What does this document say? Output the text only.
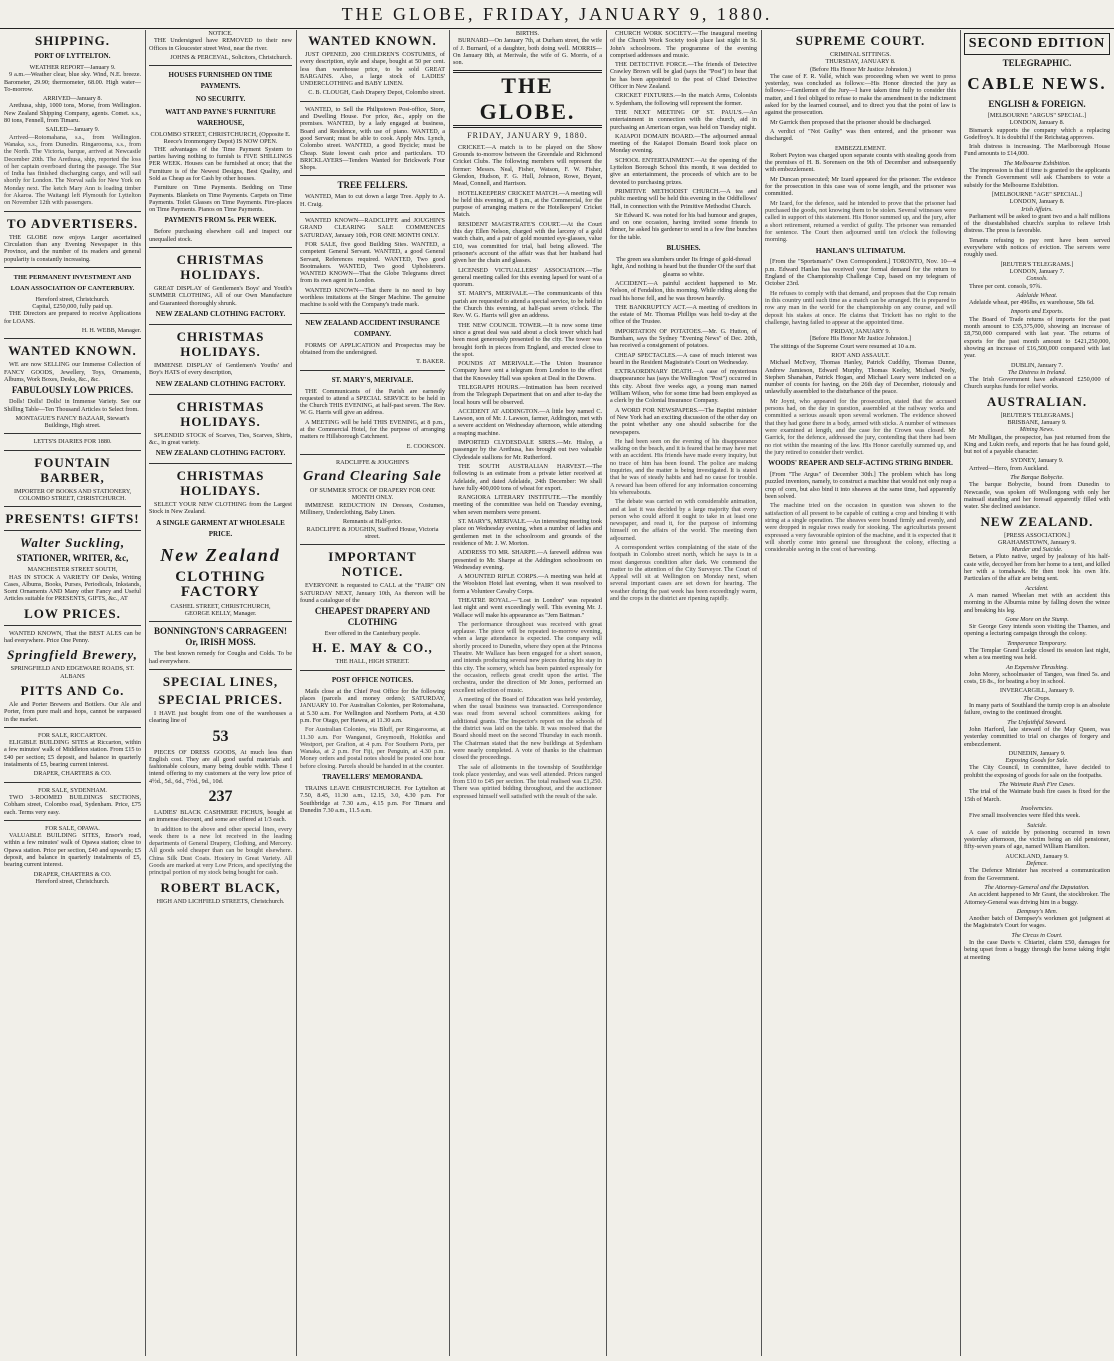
THE GLOBE, FRIDAY, JANUARY 9, 1880.
SHIPPING.
PORT OF LYTTELTON.
WEATHER REPORT—January 9.

9 a.m.—Weather clear, blue sky. Wind, N.E. breeze. Barometer, 29.90; thermometer, 68.00. High water—To-morrow.

ARRIVED—January 8.

Arethusa, ship, 1000 tons, Morse, from Wellington. New Zealand Shipping Company, agents. Comet. s.s., 80 tons, Fennell, from Timaru.

SAILED—January 9.

Arrived—Rotomahana, s.s., from Wellington. Wanaka, s.s., from Dunedin. Ringarooma, s.s., from the North. The Victoria, barque, arrived at Newcastle December 20th. The Arethusa, ship, reported the loss of her captain overboard during the passage. The Star of India has finished discharging cargo, and will sail shortly for London. The Norval sails for New York on Monday next. The ketch Mary Ann is loading timber for Akaroa. The Waitangi left Plymouth for Lyttelton on November 12th with passengers.

TO ADVERTISERS.

THE GLOBE now enjoys Larger ascertained Circulation than any Evening Newspaper in this Province, and the number of its readers and general popularity is constantly increasing.

THE PERMANENT INVESTMENT AND LOAN ASSOCIATION OF CANTERBURY.
Hereford street, Christchurch.
Capital, £250,000, fully paid up.

THE Directors are prepared to receive Applications for LOANS.

H. H. WEBB, Manager.
WANTED KNOWN.

WE are now SELLING our Immense Collection of FANCY GOODS, Jewellery, Toys, Ornaments, Albums, Work Boxes, Desks, &c., &c.

FABULOUSLY LOW PRICES.

Dolls! Dolls! Dolls! in Immense Variety. See our Shilling Table—Ten Thousand Articles to Select from.

MONTAGUE'S FANCY BAZAAR, Stewart's Buildings, High street.
LETTS'S DIARIES FOR 1880.
FOUNTAIN BARBER,
IMPORTER OF BOOKS AND STATIONERY, COLOMBO STREET, CHRISTCHURCH.
PRESENTS! GIFTS!
Walter Suckling,
STATIONER, WRITER, &c,
MANCHESTER STREET SOUTH,

HAS IN STOCK A VARIETY OF Desks, Writing Cases, Albums, Books, Purses, Periodicals, Inkstands, Scent Ornaments AND Many other Fancy and Useful Articles suitable for PRESENTS, GIFTS, &c., AT

LOW PRICES.

WANTED KNOWN, That the BEST ALES can be had everywhere. Price One Penny.

Springfield Brewery,
SPRINGFIELD AND EDGEWARE ROADS, ST. ALBANS
PITTS AND Co.

Ale and Porter Brewers and Bottlers. Our Ale and Porter, from pure malt and hops, cannot be surpassed in the market.

FOR SALE, RICCARTON.

ELIGIBLE BUILDING SITES at Riccarton, within a few minutes' walk of Middleton station. From £15 to £40 per section; £5 deposit, and balance in quarterly instalments of £5, bearing current interest.

DRAPER, CHARTERS & CO.
FOR SALE, SYDENHAM.

TWO 3-ROOMED BUILDINGS SECTIONS, Cobham street, Colombo road, Sydenham. Price, £75 each. Terms very easy.

FOR SALE, OPAWA.

VALUABLE BUILDING SITES, Ensor's road, within a few minutes' walk of Opawa station; close to Opawa station. Price per section, £40 and upwards; £5 deposit, and balance in quarterly instalments of £5, bearing current interest.

DRAPER, CHARTERS & CO.
Hereford street, Christchurch.
NOTICE.

THE Undersigned have REMOVED to their new Offices in Gloucester street West, near the river.

JOHNS & PERCEVAL, Solicitors, Christchurch.
HOUSES FURNISHED ON TIME PAYMENTS.
NO SECURITY.
WATT AND PAYNE'S FURNITURE WAREHOUSE,
COLOMBO STREET, CHRISTCHURCH, (Opposite E. Reece's Ironmongery Depot) IS NOW OPEN.

THE advantages of the Time Payment System to parties having nothing to furnish is FIVE SHILLINGS PER WEEK. Houses can be furnished at once; that the Furniture is of the Newest Designs, Best Quality, and Sold as Cheap as for Cash by other houses.

Furniture on Time Payments. Bedding on Time Payments. Blankets on Time Payments. Carpets on Time Payments. Toilet Glasses on Time Payments. Fire-places on Time Payments. Pianos on Time Payments.

PAYMENTS FROM 5s. PER WEEK.

Before purchasing elsewhere call and inspect our unequalled stock.

CHRISTMAS HOLIDAYS.

GREAT DISPLAY of Gentlemen's Boys' and Youth's SUMMER CLOTHING, All of our Own Manufacture and Guaranteed thoroughly shrunk.

NEW ZEALAND CLOTHING FACTORY.
CHRISTMAS HOLIDAYS.

IMMENSE DISPLAY of Gentlemen's Youths' and Boy's HATS of every description,

NEW ZEALAND CLOTHING FACTORY.
CHRISTMAS HOLIDAYS.

SPLENDID STOCK of Scarves, Ties, Scarves, Shirts, &c., in great variety.

NEW ZEALAND CLOTHING FACTORY.
CHRISTMAS HOLIDAYS.

SELECT YOUR NEW CLOTHING from the Largest Stock in New Zealand.

A SINGLE GARMENT AT WHOLESALE PRICE.
New Zealand
CLOTHING FACTORY
CASHEL STREET, CHRISTCHURCH,
GEORGE KELLY, Manager.
BONNINGTON'S CARRAGEEN! Or, IRISH MOSS.

The best known remedy for Coughs and Colds. To be had everywhere.

SPECIAL LINES,
SPECIAL PRICES.

I HAVE just bought from one of the warehouses a clearing line of

53

PIECES OF DRESS GOODS, At much less than English cost. They are all good useful materials and fashionable colours, many being double width. These I intend offering to my customers at the very low price of 4½d., 5d., 6d., 7½d., 9d., 10d.

237

LADIES' BLACK CASHMERE FICHUS, bought at an immense discount, and some are offered at 1/3 each.

In addition to the above and other special lines, every week there is a new lot received in the leading departments of General Drapery, Clothing, and Mercery. All goods sold cheaper than can be bought elsewhere. China Silk Dust Coats. Hosiery in Great Variety. All Goods are marked at very Low Prices, and specifying the principal portion of my stock being bought for cash.

ROBERT BLACK,
HIGH AND LICHFIELD STREETS, Christchurch.
WANTED KNOWN.

JUST OPENED, 200 CHILDREN'S COSTUMES, of every description, style and shape, bought at 50 per cent. less than warehouse price, to be sold GREAT BARGAINS. Also, a large stock of LADIES' UNDERCLOTHING and BABY LINEN.

C. B. CLOUGH, Cash Drapery Depot, Colombo street.

WANTED, to Sell the Philipstown Post-office, Store, and Dwelling House. For price, &c., apply on the premises. WANTED, by a lady engaged at business, Board and Residence, with use of piano. WANTED, a good Servant; must be able to cook. Apply Mrs. Lynch, Colombo street. WANTED, a good Bycicle; must be Cheap. State lowest cash price and particulars. TO BRICKLAYERS—Tenders Wanted for Brickwork Four Shops.

TREE FELLERS.

WANTED, Man to cut down a large Tree. Apply to A. H. Craig.

WANTED KNOWN—RADCLIFFE and JOUGHIN'S GRAND CLEARING SALE COMMENCES SATURDAY, January 10th, FOR ONE MONTH ONLY.

FOR SALE, five good Building Sites. WANTED, a competent General Servant. WANTED, a good General Servant, References required. WANTED, Two good Bootmakers. WANTED, Two good Upholsterers. WANTED KNOWN—That the Globe Telegrams direct from its own agent in London.

WANTED KNOWN—That there is no need to buy worthless imitations at the Singer Machine. The genuine machine is sold with the Company's trade mark.

NEW ZEALAND ACCIDENT INSURANCE COMPANY.

FORMS OF APPLICATION and Prospectus may be obtained from the undersigned.

T. BAKER.
ST. MARY'S, MERIVALE.

THE Communicants of the Parish are earnestly requested to attend a SPECIAL SERVICE to be held in the Church THIS EVENING, at half-past seven. The Rev. W. G. Harris will give an address.

A MEETING will be held THIS EVENING, at 8 p.m., at the Commercial Hotel, for the purpose of arranging matters re Hillsborough Catchment.

E. COOKSON.
RADCLIFFE & JOUGHIN'S
Grand Clearing Sale
OF SUMMER STOCK OF DRAPERY FOR ONE MONTH ONLY.

IMMENSE REDUCTION IN Dresses, Costumes, Millinery, Underclothing, Baby Linen.

Remnants at Half-price.
RADCLIFFE & JOUGHIN, Stafford House, Victoria street.
IMPORTANT NOTICE.

EVERYONE is requested to CALL at the "FAIR" ON SATURDAY NEXT, January 10th, As thereon will be found a catalogue of the

CHEAPEST DRAPERY AND CLOTHING
Ever offered in the Canterbury people.
H. E. MAY & CO.,
THE HALL, HIGH STREET.
POST OFFICE NOTICES.

Mails close at the Chief Post Office for the following places (parcels and money orders); SATURDAY, JANUARY 10. For Australian Colonies, per Rotomahana, at 5.30 a.m. For Wellington and Northern Ports, at 4.30 p.m. For Otago, per Hawea, at 11.30 a.m.

For Australian Colonies, via Bluff, per Ringarooma, at 11.30 a.m. For Wanganui, Greymouth, Hokitika and Westport, per Grafton, at 4 p.m. For Southern Ports, per Wanaka, at 2 p.m. For Fiji, per Penguin, at 4.30 p.m. Money orders and postal notes should be posted one hour before closing. Parcels should be handed in at the counter.

TRAVELLERS' MEMORANDA.

TRAINS LEAVE CHRISTCHURCH. For Lyttelton at 7.50, 8.45, 11.30 a.m., 12.15, 3.0, 4.30 p.m. For Southbridge at 7.30 a.m., 4.15 p.m. For Timaru and Dunedin 7.30 a.m., 11.5 a.m.

BIRTHS.

BURNARD—On January 7th, at Durham street, the wife of J. Burnard, of a daughter, both doing well. MORRIS—On January 8th, at Merivale, the wife of G. Morris, of a son.

THE GLOBE.
FRIDAY, JANUARY 9, 1880.

CRICKET.—A match is to be played on the Show Grounds to-morrow between the Greendale and Richmond Cricket Clubs. The following members will represent the former: Messrs. Neal, Fisher, Watson, F. W. Fisher, Glendon, Hudson, F. G. Hull, Johnson, Rowe, Bryant, Mead, Connell, and Harrison.

HOTELKEEPERS' CRICKET MATCH.—A meeting will be held this evening, at 8 p.m., at the Commercial, for the purpose of arranging matters re the Hotelkeepers' Cricket Match.

RESIDENT MAGISTRATE'S COURT.—At the Court this day Ellen Nelson, charged with the larceny of a gold watch chain, and a pair of gold mounted eye-glasses, value £10, was committed for trial, bail being allowed. The prisoner's account of the affair was that her husband had given her the chain and glasses.

LICENSED VICTUALLERS' ASSOCIATION.—The general meeting called for this evening lapsed for want of a quorum.

ST. MARY'S, MERIVALE.—The communicants of this parish are requested to attend a special service, to be held in the Church this evening, at half-past seven o'clock. The Rev. W. G. Harris will give an address.

THE NEW COUNCIL TOWER.—It is now some time since a great deal was said about a clock tower which had been most generously presented to the city. The tower was brought forth in pieces from England, and erected close to the spot.

POUNDS AT MERIVALE.—The Union Insurance Company have sent a telegram from London to the effect that the Knowsley Hall was spoken at Deal in the Downs.

TELEGRAPH HOURS.—Intimation has been received from the Telegraph Department that on and after to-day the local hours will be observed.

ACCIDENT AT ADDINGTON.—A little boy named C. Lawson, son of Mr. J. Lawson, farmer, Addington, met with a severe accident on Wednesday afternoon, while attending a reaping machine.

IMPORTED CLYDESDALE SIRES.—Mr. Hislop, a passenger by the Arethusa, has brought out two valuable Clydesdale stallions for Mr. Rutherford.

THE SOUTH AUSTRALIAN HARVEST.—The following is an estimate from a private letter received at Adelaide, and dated Adelaide, 24th December: We shall have fully 400,000 tons of wheat for export.

RANGIORA LITERARY INSTITUTE.—The monthly meeting of the committee was held on Tuesday evening, when seven members were present.

ST. MARY'S, MERIVALE.—An interesting meeting took place on Wednesday evening, when a number of ladies and gentlemen met in the schoolroom and grounds of the residence of Mr. J. W. Morton.

ADDRESS TO MR. SHARPE.—A farewell address was presented to Mr. Sharpe at the Addington schoolroom on Wednesday evening.

A MOUNTED RIFLE CORPS.—A meeting was held at the Woolston Hotel last evening, when it was resolved to form a Volunteer Cavalry Corps.

THEATRE ROYAL.—"Lost in London" was repeated last night and went exceedingly well. This evening Mr. J. Wallace will make his appearance as "Jem Baitman."

The performance throughout was received with great applause. The piece will be repeated to-morrow evening, when a large attendance is expected. The company will shortly proceed to Dunedin, where they open at the Princess Theatre. Mr Wallace has been engaged for a short season, and intends producing several new pieces during his stay in this city. The scenery, which has been painted expressly for the occasion, reflects great credit upon the artist. The orchestra, under the direction of Mr Jones, performed an excellent selection of music.

A meeting of the Board of Education was held yesterday, when the usual business was transacted. Correspondence was read from several school committees asking for additional grants. The Inspector's report on the schools of the district was laid on the table. It was resolved that the Board should meet on the second Thursday in each month. The Chairman stated that the new buildings at Sydenham were nearly completed. A vote of thanks to the chairman closed the proceedings.

The sale of allotments in the township of Southbridge took place yesterday, and was well attended. Prices ranged from £10 to £45 per section. The total realised was £1,250. There was spirited bidding throughout, and the auctioneer expressed himself well satisfied with the result of the sale.

CHURCH WORK SOCIETY.—The inaugural meeting of the Church Work Society took place last night in St. John's schoolroom. The programme of the evening comprised addresses and music.

THE DETECTIVE FORCE.—The friends of Detective Crawley Brown will be glad (says the "Post") to hear that he has been appointed to the post of Chief Detective Officer in New Zealand.

CRICKET FIXTURES.—In the match Arms, Colonists v. Sydenham, the following will represent the former.

THE NEXT MEETING OF ST. PAUL'S.—An entertainment in connection with the church, aid in purchasing an American organ, was held on Tuesday night.

KAIAPOI DOMAIN BOARD.—The adjourned annual meeting of the Kaiapoi Domain Board took place on Monday evening.

SCHOOL ENTERTAINMENT.—At the opening of the Lyttelton Borough School this month, it was decided to give an entertainment, the proceeds of which are to be devoted to purchasing prizes.

PRIMITIVE METHODIST CHURCH.—A tea and public meeting will be held this evening in the Oddfellows' Hall, in connection with the Primitive Methodist Church.

Sir Edward K. was noted for his bad humour and grapes, and on one occasion, having invited some friends to dinner, he asked his gardener to send in a few fine bunches for the table.

BLUSHES.

The green sea slumbers under Its fringe of gold-thread light, And nothing is heard but the thunder Of the surf that gleams so white.

ACCIDENT.—A painful accident happened to Mr. Nelson, of Fendalton, this morning. While riding along the road his horse fell, and he was thrown heavily.

THE BANKRUPTCY ACT.—A meeting of creditors in the estate of Mr. Thomas Phillips was held to-day at the office of the Trustee.

IMPORTATION OF POTATOES.—Mr. G. Hutton, of Burnham, says the Sydney "Evening News" of Dec. 20th, has received a consignment of potatoes.

CHEAP SPECTACLES.—A case of much interest was heard in the Resident Magistrate's Court on Wednesday.

EXTRAORDINARY DEATH.—A case of mysterious disappearance has (says the Wellington "Post") occurred in this city. About five weeks ago, a young man named William Wilson, who for some time had been employed as a clerk by the Colonial Insurance Company.

A WORD FOR NEWSPAPERS.—The Baptist minister of New York had an exciting discussion of the other day on the point whether any one should subscribe for the newspapers.

He had been seen on the evening of his disappearance walking on the beach, and it is feared that he may have met with an accident. His friends have made every inquiry, but no trace of him has been found. The police are making inquiries, and the matter is being investigated. It is stated that he was of steady habits and had no cause for trouble. A reward has been offered for any information concerning his whereabouts.

The debate was carried on with considerable animation, and at last it was decided by a large majority that every person who could afford it ought to take in at least one newspaper, and read it, for the purpose of informing himself on the affairs of the world. The meeting then adjourned.

A correspondent writes complaining of the state of the footpath in Colombo street north, which he says is in a most dangerous condition after dark. We commend the matter to the attention of the City Surveyor. The Court of Appeal will sit at Wellington on Monday next, when several important cases are set down for hearing. The weather during the past week has been exceedingly warm, and the crops in the district are ripening rapidly.

SUPREME COURT.
CRIMINAL SITTINGS.
THURSDAY, JANUARY 8.
(Before His Honor Mr Justice Johnston.)

The case of F. R. Vallé, which was proceeding when we went to press yesterday, was concluded as follows:—His Honor directed the jury as follows:—Gentlemen of the Jury—I have taken time fully to consider this matter, and I feel obliged to refuse to make the amendment in the indictment asked for by the learned counsel, and to direct you that the point of law is against the prosecution.

Mr Garrick then proposed that the prisoner should be discharged.

A verdict of "Not Guilty" was then entered, and the prisoner was discharged.

EMBEZZLEMENT.

Robert Peyton was charged upon separate counts with stealing goods from the premises of H. B. Sorensen on the 9th of December and subsequently with embezzlement.

Mr Duncan prosecuted; Mr Izard appeared for the prisoner. The evidence for the prosecution in this case was of some length, and the prisoner was committed.

Mr Izard, for the defence, said he intended to prove that the prisoner had purchased the goods, not knowing them to be stolen. Several witnesses were called in support of this statement. His Honor summed up, and the jury, after a short retirement, returned a verdict of guilty. The prisoner was remanded for sentence. The Court then adjourned until ten o'clock the following morning.

HANLAN'S ULTIMATUM.

[From the "Sportsman's" Own Correspondent.] TORONTO, Nov. 10—4 p.m. Edward Hanlan has received your formal demand for the return to England of the Championship Challenge Cup, based on my telegram of October 23rd.

He refuses to comply with that demand, and proposes that the Cup remain in this country until such time as a match can be arranged. He is prepared to row any man in the world for the championship on any course, and will deposit his stakes at once. He claims that Trickett has no right to the challenge, having failed to appear at the appointed time.

FRIDAY, JANUARY 9.
[Before His Honor Mr Justice Johnston.]

The sittings of the Supreme Court were resumed at 10 a.m.

RIOT AND ASSAULT.

Michael McEvoy, Thomas Hanley, Patrick Cuddihy, Thomas Dunne, Andrew Jamieson, Edward Murphy, Thomas Keeley, Michael Neely, Stephen Shanahan, Patrick Hogan, and Michael Leary were indicted on a number of counts for having, on the 26th day of December, riotously and unlawfully assembled to the disturbance of the peace.

Mr Joynt, who appeared for the prosecution, stated that the accused persons had, on the day in question, assembled at the railway works and committed a serious assault upon several workmen. The evidence showed that they had gone there in a body, armed with sticks. A number of witnesses were examined at length, and the case for the Crown was closed. Mr Garrick, for the defence, addressed the jury, contending that there had been no riot within the meaning of the law. His Honor carefully summed up, and the jury retired to consider their verdict.

WOODS' REAPER AND SELF-ACTING STRING BINDER.

[From "The Argus" of December 30th.] The problem which has long puzzled inventors, namely, to construct a machine that would not only reap a crop of corn, but also bind it into sheaves at the same time, had apparently been solved.

The machine tried on the occasion in question was shown to the satisfaction of all present to be capable of cutting a crop and binding it with string at a single operation. The sheaves were bound firmly and evenly, and were dropped in regular rows ready for stooking. The agriculturists present expressed a very favourable opinion of the machine, and it is expected that it will shortly come into general use throughout the colony, effecting a considerable saving in the cost of harvesting.

SECOND EDITION
TELEGRAPHIC.
CABLE NEWS.
ENGLISH & FOREIGN.
[MELBOURNE "ARGUS" SPECIAL.]
LONDON, January 8.

Bismarck supports the company which a replacing Godeffroy's. It is doubtful if the Reichstag approves.

Irish distress is increasing. The Marlborough House Fund amounts to £14,000.

The Melbourne Exhibition.

The impression is that if time is granted to the applicants the French Government will ask Chambers to vote a subsidy for the Melbourne Exhibition.

[MELBOURNE "AGE" SPECIAL.]
LONDON, January 8.
Irish Affairs.

Parliament will be asked to grant two and a half millions of the disestablished church's surplus to relieve Irish distress. The press is favorable.

Tenants refusing to pay rent have been served everywhere with notices of eviction. The servers were roughly used.

[REUTER'S TELEGRAMS.]
LONDON, January 7.
Consols.

Three per cent. consols, 97¾.

Adelaide Wheat.

Adelaide wheat, per 496lbs, ex warehouse, 58s 6d.

Imports and Exports.

The Board of Trade returns of imports for the past month amount to £35,375,000, showing an increase of £8,750,000 compared with last year. The returns of exports for the past month amount to £421,250,000, showing an increase of £16,500,000 compared with last year.

DUBLIN, January 7.
The Distress in Ireland.

The Irish Government have advanced £250,000 of Church surplus funds for relief works.

AUSTRALIAN.
[REUTER'S TELEGRAMS.]
BRISBANE, January 9.
Mining News.

Mr Mulligan, the prospector, has just returned from the King and Lukin reefs, and reports that he has found gold, but not of a payable character.

SYDNEY, January 9.

Arrived—Hero, from Auckland.

The Barque Bobycite.

The barque Bobycite, bound from Dunedin to Newcastle, was spoken off Wollongong with only her mainsail standing and her foresail apparently filled with water. She declined assistance.

NEW ZEALAND.
[PRESS ASSOCIATION.]
GRAHAMSTOWN, January 9.
Murder and Suicide.

Betsen, a Pluto native, urged by jealousy of his half-caste wife, decoyed her from her home to a tent, and killed her with a tomahawk. He then took his own life. Particulars of the affair are being sent.

Accident.

A man named Wheelan met with an accident this morning in the Alburnia mine by falling down the winze and breaking his leg.

Gone More on the Stump.

Sir George Grey intends soon visiting the Thames, and opening a lecturing campaign through the colony.

Temperance Temporary.

The Templar Grand Lodge closed its session last night, when a tea meeting was held.

An Expensive Thrashing.

John Morey, schoolmaster of Tangeo, was fined 5s. and costs, £6 8s., for beating a boy in school.

INVERCARGILL, January 9.
The Crops.

In many parts of Southland the turnip crop is an absolute failure, owing to the continued drought.

The Unfaithful Steward.

John Harford, late steward of the May Queen, was yesterday committed to trial on charges of forgery and embezzlement.

DUNEDIN, January 9.
Exposing Goods for Sale.

The City Council, in committee, have decided to prohibit the exposing of goods for sale on the footpaths.

The Waimate Rush Fire Cases.

The trial of the Waimate bush fire cases is fixed for the 15th of March.

Insolvencies.

Five small insolvencies were filed this week.

Suicide.

A case of suicide by poisoning occurred in town yesterday afternoon, the victim being an old pensioner, fifty-seven years of age, named William Hamilton.

AUCKLAND, January 9.
Defence.

The Defence Minister has received a communication from the Government.

The Attorney-General and the Deputation.

An accident happened to Mr Grant, the stockbroker. The Attorney-General was driving him in a buggy.

Dempsey's Men.

Another batch of Dempsey's workmen got judgment at the Magistrate's Court for wages.

The Circus in Court.

In the case Davis v. Chiarini, claim £50, damages for being upset from a buggy through the horse taking fright at meeting
